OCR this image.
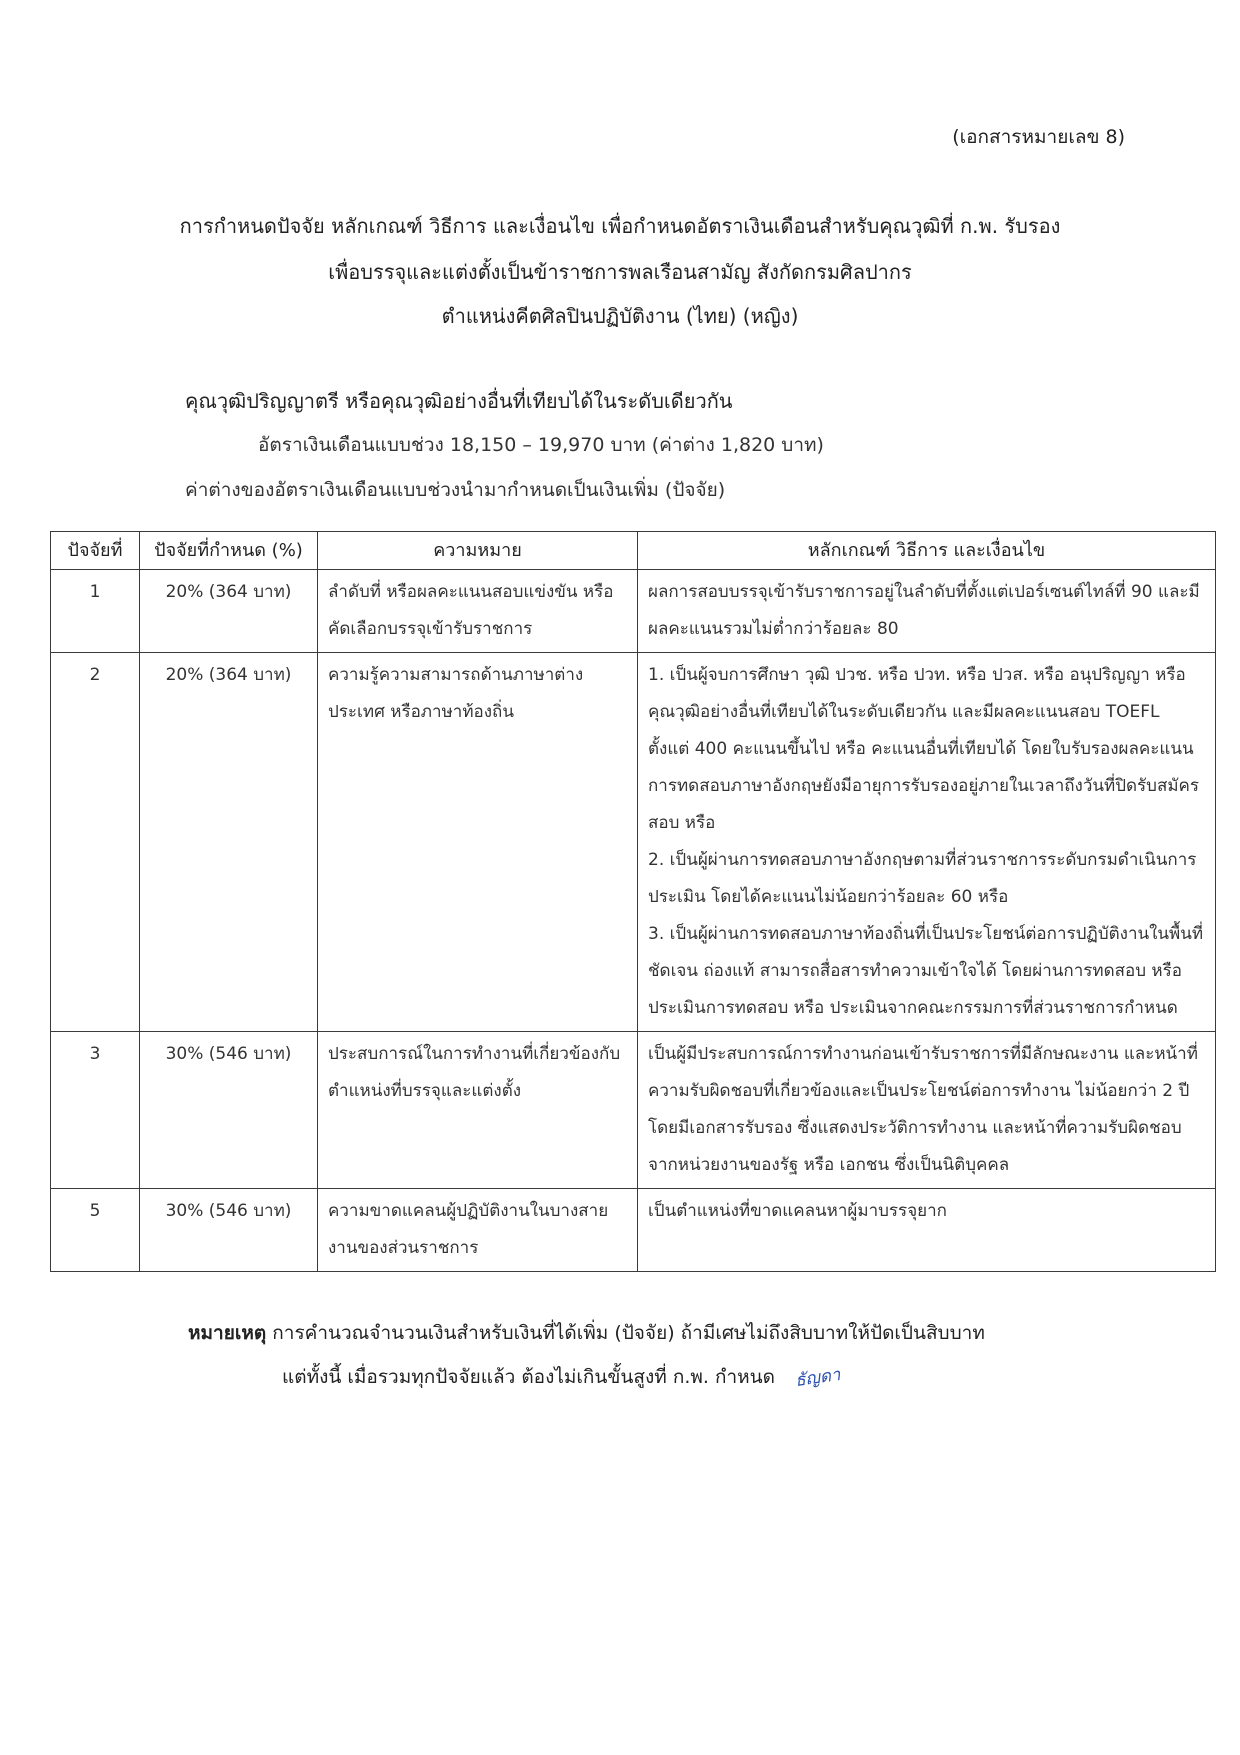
(เอกสารหมายเลข 8)
การกำหนดปัจจัย หลักเกณฑ์ วิธีการ และเงื่อนไข เพื่อกำหนดอัตราเงินเดือนสำหรับคุณวุฒิที่ ก.พ. รับรอง
เพื่อบรรจุและแต่งตั้งเป็นข้าราชการพลเรือนสามัญ สังกัดกรมศิลปากร
ตำแหน่งคีตศิลปินปฏิบัติงาน (ไทย) (หญิง)
คุณวุฒิปริญญาตรี หรือคุณวุฒิอย่างอื่นที่เทียบได้ในระดับเดียวกัน
อัตราเงินเดือนแบบช่วง 18,150 – 19,970 บาท (ค่าต่าง 1,820 บาท)
ค่าต่างของอัตราเงินเดือนแบบช่วงนำมากำหนดเป็นเงินเพิ่ม (ปัจจัย)
ปัจจัยที่	ปัจจัยที่กำหนด (%)	ความหมาย	หลักเกณฑ์ วิธีการ และเงื่อนไข
1	20% (364 บาท)	ลำดับที่ หรือผลคะแนนสอบแข่งขัน หรือคัดเลือกบรรจุเข้ารับราชการ	ผลการสอบบรรจุเข้ารับราชการอยู่ในลำดับที่ตั้งแต่เปอร์เซนต์ไทล์ที่ 90 และมีผลคะแนนรวมไม่ต่ำกว่าร้อยละ 80

2	20% (364 บาท)	ความรู้ความสามารถด้านภาษาต่างประเทศ หรือภาษาท้องถิ่น	1. เป็นผู้จบการศึกษา วุฒิ ปวช. หรือ ปวท. หรือ ปวส. หรือ อนุปริญญา หรือ คุณวุฒิอย่างอื่นที่เทียบได้ในระดับเดียวกัน และมีผลคะแนนสอบ TOEFL ตั้งแต่ 400 คะแนนขึ้นไป หรือ คะแนนอื่นที่เทียบได้ โดยใบรับรองผลคะแนนการทดสอบภาษาอังกฤษยังมีอายุการรับรองอยู่ภายในเวลาถึงวันที่ปิดรับสมัครสอบ หรือ
2. เป็นผู้ผ่านการทดสอบภาษาอังกฤษตามที่ส่วนราชการระดับกรมดำเนินการประเมิน โดยได้คะแนนไม่น้อยกว่าร้อยละ 60 หรือ
3. เป็นผู้ผ่านการทดสอบภาษาท้องถิ่นที่เป็นประโยชน์ต่อการปฏิบัติงานในพื้นที่ชัดเจน ถ่องแท้ สามารถสื่อสารทำความเข้าใจได้ โดยผ่านการทดสอบ หรือ ประเมินการทดสอบ หรือ ประเมินจากคณะกรรมการที่ส่วนราชการกำหนด

3	30% (546 บาท)	ประสบการณ์ในการทำงานที่เกี่ยวข้องกับตำแหน่งที่บรรจุและแต่งตั้ง	เป็นผู้มีประสบการณ์การทำงานก่อนเข้ารับราชการที่มีลักษณะงาน และหน้าที่ความรับผิดชอบที่เกี่ยวข้องและเป็นประโยชน์ต่อการทำงาน ไม่น้อยกว่า 2 ปี โดยมีเอกสารรับรอง ซึ่งแสดงประวัติการทำงาน และหน้าที่ความรับผิดชอบจากหน่วยงานของรัฐ หรือ เอกชน ซึ่งเป็นนิติบุคคล

5	30% (546 บาท)	ความขาดแคลนผู้ปฏิบัติงานในบางสายงานของส่วนราชการ	เป็นตำแหน่งที่ขาดแคลนหาผู้มาบรรจุยาก
หมายเหตุ การคำนวณจำนวนเงินสำหรับเงินที่ได้เพิ่ม (ปัจจัย) ถ้ามีเศษไม่ถึงสิบบาทให้ปัดเป็นสิบบาท
แต่ทั้งนี้ เมื่อรวมทุกปัจจัยแล้ว ต้องไม่เกินขั้นสูงที่ ก.พ. กำหนด ธัญดา
